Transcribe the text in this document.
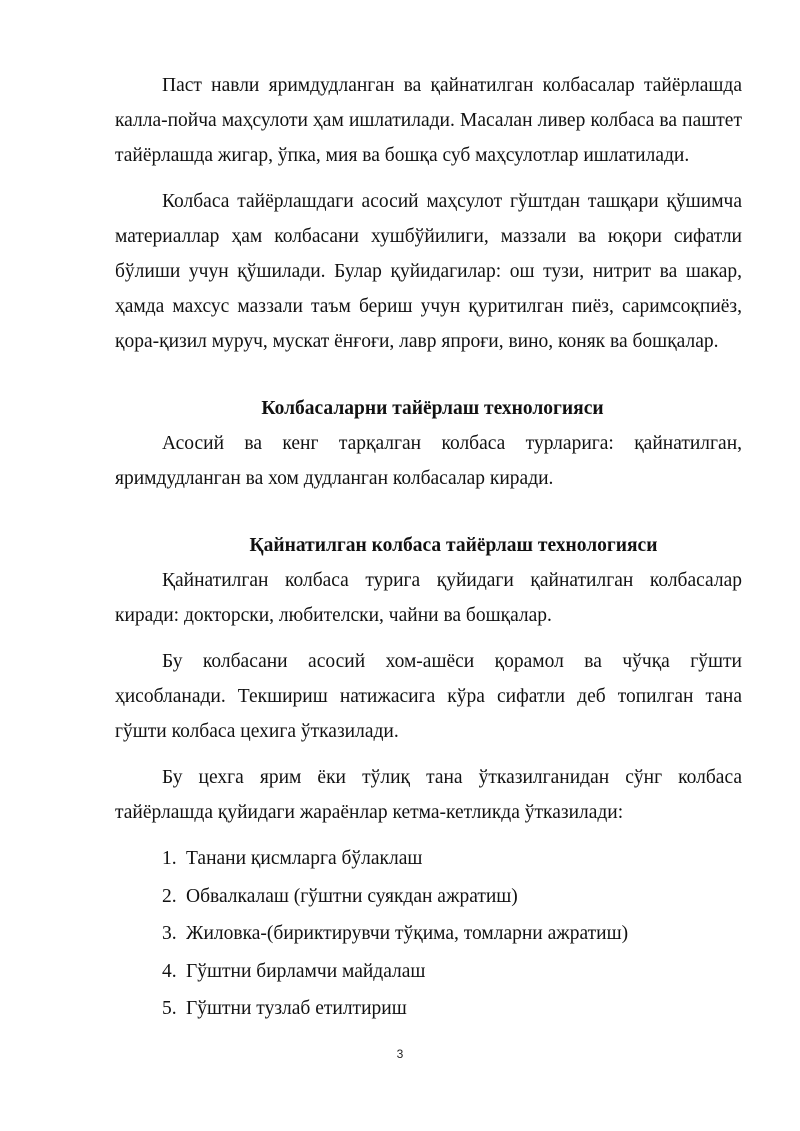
Паст навли яримдудланган ва қайнатилган колбасалар тайёрлашда калла-пойча маҳсулоти ҳам ишлатилади. Масалан ливер колбаса ва паштет тайёрлашда жигар, ўпка, мия ва бошқа суб маҳсулотлар ишлатилади.

Колбаса тайёрлашдаги асосий маҳсулот гўштдан ташқари қўшимча материаллар ҳам колбасани хушбўйилиги, маззали ва юқори сифатли бўлиши учун қўшилади. Булар қуйидагилар: ош тузи, нитрит ва шакар, ҳамда махсус маззали таъм бериш учун қуритилган пиёз, саримсоқпиёз, қора-қизил муруч, мускат ёнғоғи, лавр япроғи, вино, коняк ва бошқалар.

Колбасаларни тайёрлаш технологияси

Асосий ва кенг тарқалган колбаса турларига: қайнатилган, яримдудланган ва хом дудланган колбасалар киради.

Қайнатилган колбаса тайёрлаш технологияси

Қайнатилган колбаса турига қуйидаги қайнатилган колбасалар киради: докторски, любителски, чайни ва бошқалар.

Бу колбасани асосий хом-ашёси қорамол ва чўчқа гўшти ҳисобланади. Текшириш натижасига кўра сифатли деб топилган тана гўшти колбаса цехига ўтказилади.

Бу цехга ярим ёки тўлиқ тана ўтказилганидан сўнг колбаса тайёрлашда қуйидаги жараёнлар кетма-кетликда ўтказилади:

1. Танани қисмларга бўлаклаш
2. Обвалкалаш (гўштни суякдан ажратиш)
3. Жиловка-(бириктирувчи тўқима, томларни ажратиш)
4. Гўштни бирламчи майдалаш
5. Гўштни тузлаб етилтириш
3
